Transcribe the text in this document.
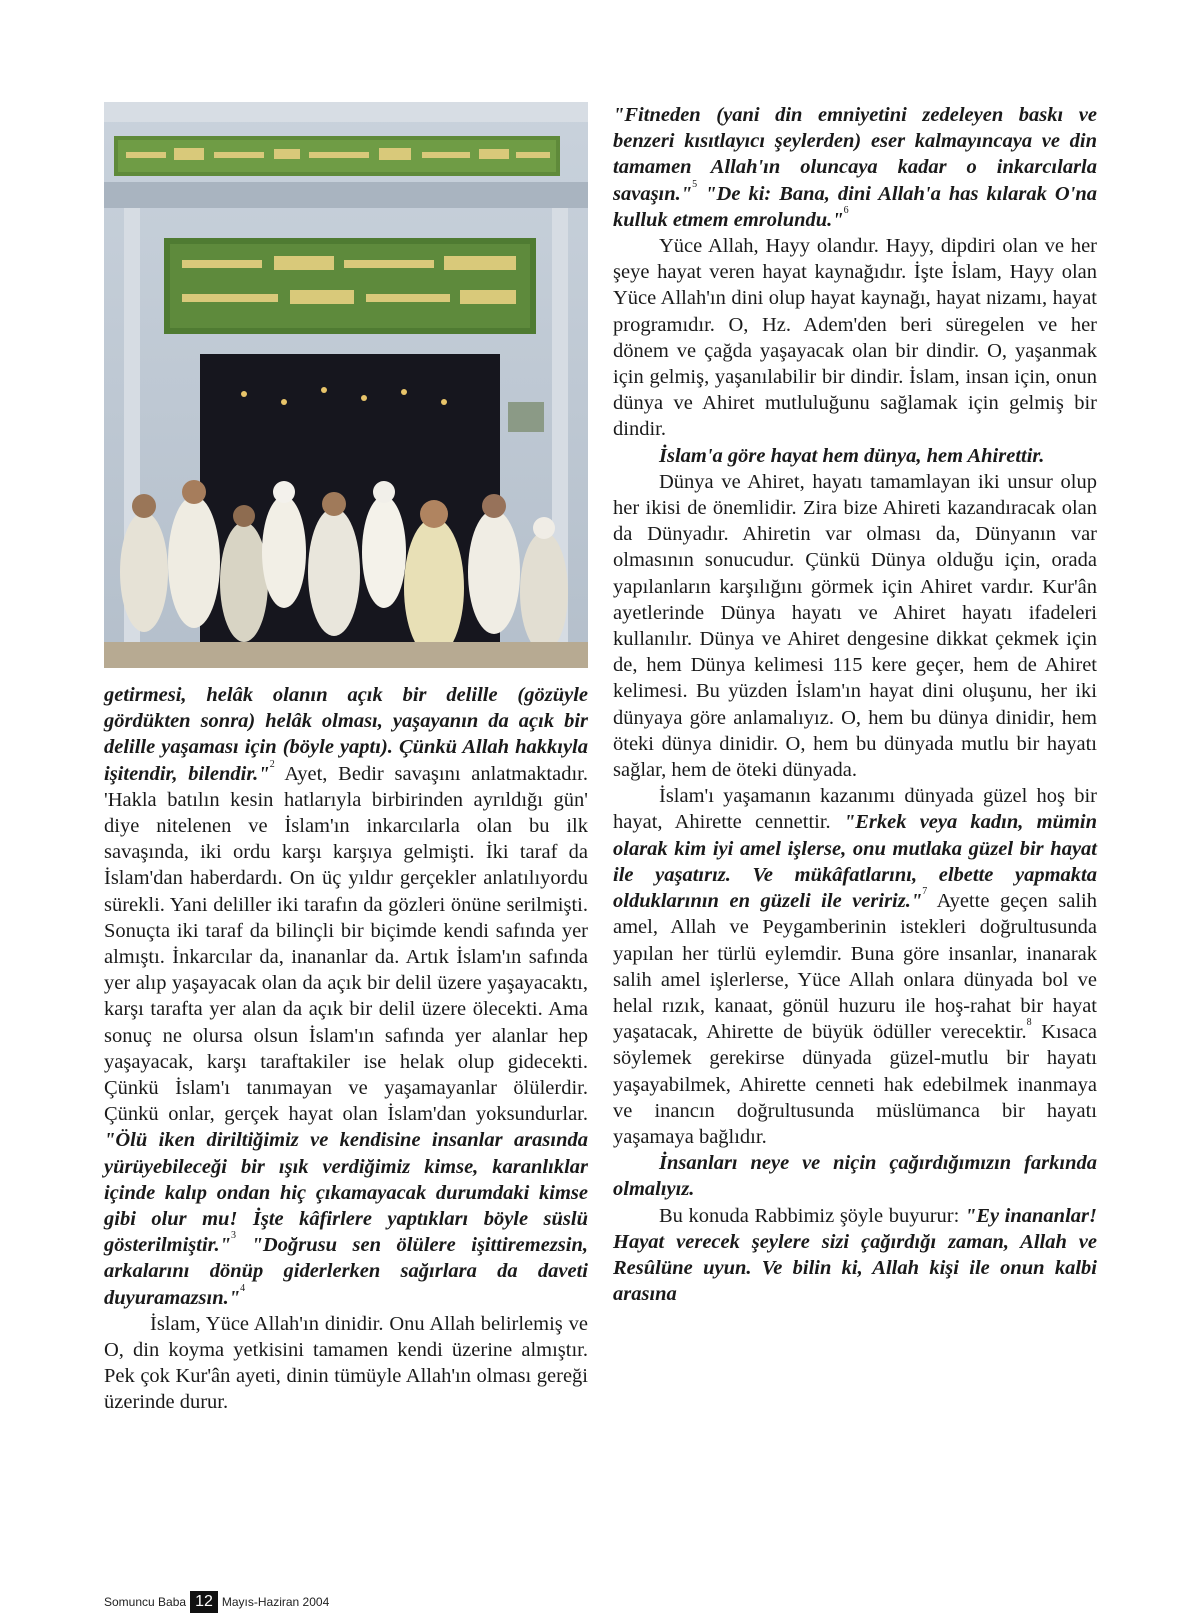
getirmesi, helâk olanın açık bir delille (gözüyle gördükten sonra) helâk olması, yaşayanın da açık bir delille yaşaması için (böyle yaptı). Çünkü Allah hakkıyla işitendir, bilendir."$^2$ Ayet, Bedir savaşını anlatmaktadır. 'Hakla batılın kesin hatlarıyla birbirinden ayrıldığı gün' diye nitelenen ve İslam'ın inkarcılarla olan bu ilk savaşında, iki ordu karşı karşıya gelmişti. İki taraf da İslam'dan haberdardı. On üç yıldır gerçekler anlatılıyordu sürekli. Yani deliller iki tarafın da gözleri önüne serilmişti. Sonuçta iki taraf da bilinçli bir biçimde kendi safında yer almıştı. İnkarcılar da, inananlar da. Artık İslam'ın safında yer alıp yaşayacak olan da açık bir delil üzere yaşayacaktı, karşı tarafta yer alan da açık bir delil üzere ölecekti. Ama sonuç ne olursa olsun İslam'ın safında yer alanlar hep yaşayacak, karşı taraftakiler ise helak olup gidecekti. Çünkü İslam'ı tanımayan ve yaşamayanlar ölülerdir. Çünkü onlar, gerçek hayat olan İslam'dan yoksundurlar. "Ölü iken diriltiğimiz ve kendisine insanlar arasında yürüyebileceği bir ışık verdiğimiz kimse, karanlıklar içinde kalıp ondan hiç çıkamayacak durumdaki kimse gibi olur mu! İşte kâfirlere yaptıkları böyle süslü gösterilmiştir."$^3$ "Doğrusu sen ölülere işittiremezsin, arkalarını dönüp giderlerken sağırlara da daveti duyuramazsın."$^4$

İslam, Yüce Allah'ın dinidir. Onu Allah belirlemiş ve O, din koyma yetkisini tamamen kendi üzerine almıştır. Pek çok Kur'ân ayeti, dinin tümüyle Allah'ın olması gereği üzerinde durur.

"Fitneden (yani din emniyetini zedeleyen baskı ve benzeri kısıtlayıcı şeylerden) eser kalmayıncaya ve din tamamen Allah'ın oluncaya kadar o inkarcılarla savaşın."$^5$ "De ki: Bana, dini Allah'a has kılarak O'na kulluk etmem emrolundu."$^6$

Yüce Allah, Hayy olandır. Hayy, dipdiri olan ve her şeye hayat veren hayat kaynağıdır. İşte İslam, Hayy olan Yüce Allah'ın dini olup hayat kaynağı, hayat nizamı, hayat programıdır. O, Hz. Adem'den beri süregelen ve her dönem ve çağda yaşayacak olan bir dindir. O, yaşanmak için gelmiş, yaşanılabilir bir dindir. İslam, insan için, onun dünya ve Ahiret mutluluğunu sağlamak için gelmiş bir dindir.

İslam'a göre hayat hem dünya, hem Ahirettir.

Dünya ve Ahiret, hayatı tamamlayan iki unsur olup her ikisi de önemlidir. Zira bize Ahireti kazandıracak olan da Dünyadır. Ahiretin var olması da, Dünyanın var olmasının sonucudur. Çünkü Dünya olduğu için, orada yapılanların karşılığını görmek için Ahiret vardır. Kur'ân ayetlerinde Dünya hayatı ve Ahiret hayatı ifadeleri kullanılır. Dünya ve Ahiret dengesine dikkat çekmek için de, hem Dünya kelimesi 115 kere geçer, hem de Ahiret kelimesi. Bu yüzden İslam'ın hayat dini oluşunu, her iki dünyaya göre anlamalıyız. O, hem bu dünya dinidir, hem öteki dünya dinidir. O, hem bu dünyada mutlu bir hayatı sağlar, hem de öteki dünyada.

İslam'ı yaşamanın kazanımı dünyada güzel hoş bir hayat, Ahirette cennettir. "Erkek veya kadın, mümin olarak kim iyi amel işlerse, onu mutlaka güzel bir hayat ile yaşatırız. Ve mükâfatlarını, elbette yapmakta olduklarının en güzeli ile veririz."$^7$ Ayette geçen salih amel, Allah ve Peygamberinin istekleri doğrultusunda yapılan her türlü eylemdir. Buna göre insanlar, inanarak salih amel işlerlerse, Yüce Allah onlara dünyada bol ve helal rızık, kanaat, gönül huzuru ile hoş-rahat bir hayat yaşatacak, Ahirette de büyük ödüller verecektir.$^8$ Kısaca söylemek gerekirse dünyada güzel-mutlu bir hayatı yaşayabilmek, Ahirette cenneti hak edebilmek inanmaya ve inancın doğrultusunda müslümanca bir hayatı yaşamaya bağlıdır.

İnsanları neye ve niçin çağırdığımızın farkında olmalıyız.

Bu konuda Rabbimiz şöyle buyurur: "Ey inananlar! Hayat verecek şeylere sizi çağırdığı zaman, Allah ve Resûlüne uyun. Ve bilin ki, Allah kişi ile onun kalbi arasına

Somuncu Baba 12 Mayıs-Haziran 2004
